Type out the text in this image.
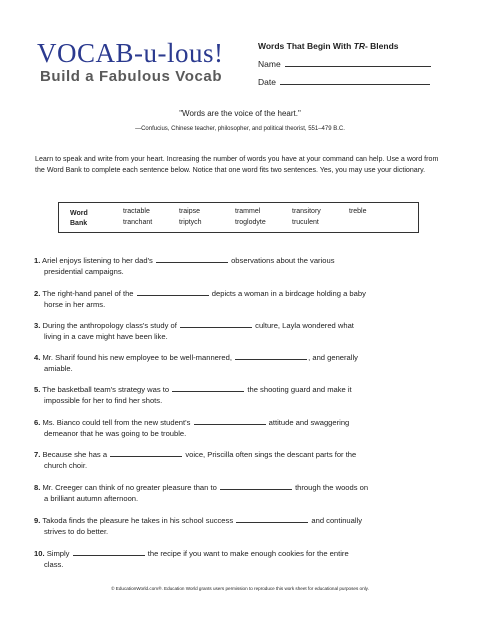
VOCAB-u-lous!
Build a Fabulous Vocab
Words That Begin With TR- Blends
Name
Date
"Words are the voice of the heart."
—Confucius, Chinese teacher, philosopher, and political theorist, 551–479 B.C.
Learn to speak and write from your heart. Increasing the number of words you have at your command can help. Use a word from the Word Bank to complete each sentence below. Notice that one word fits two sentences. Yes, you may use your dictionary.
Word
Bank
tractable	traipse	trammel	transitory	treble
tranchant	triptych	troglodyte	truculent
1. Ariel enjoys listening to her dad's	observations about the various
presidential campaigns.
2. The right-hand panel of the	depicts a woman in a birdcage holding a baby
horse in her arms.
3. During the anthropology class's study of	culture, Layla wondered what
living in a cave might have been like.
4. Mr. Sharif found his new employee to be well-mannered,	, and generally
amiable.
5. The basketball team's strategy was to	the shooting guard and make it
impossible for her to find her shots.
6. Ms. Bianco could tell from the new student's	attitude and swaggering
demeanor that he was going to be trouble.
7. Because she has a	voice, Priscilla often sings the descant parts for the
church choir.
8. Mr. Creeger can think of no greater pleasure than to	through the woods on
a brilliant autumn afternoon.
9. Takoda finds the pleasure he takes in his school success	and continually
strives to do better.
10. Simply	the recipe if you want to make enough cookies for the entire
class.
© EducationWorld.com®. Education World grants users permission to reproduce this work sheet for educational purposes only.
